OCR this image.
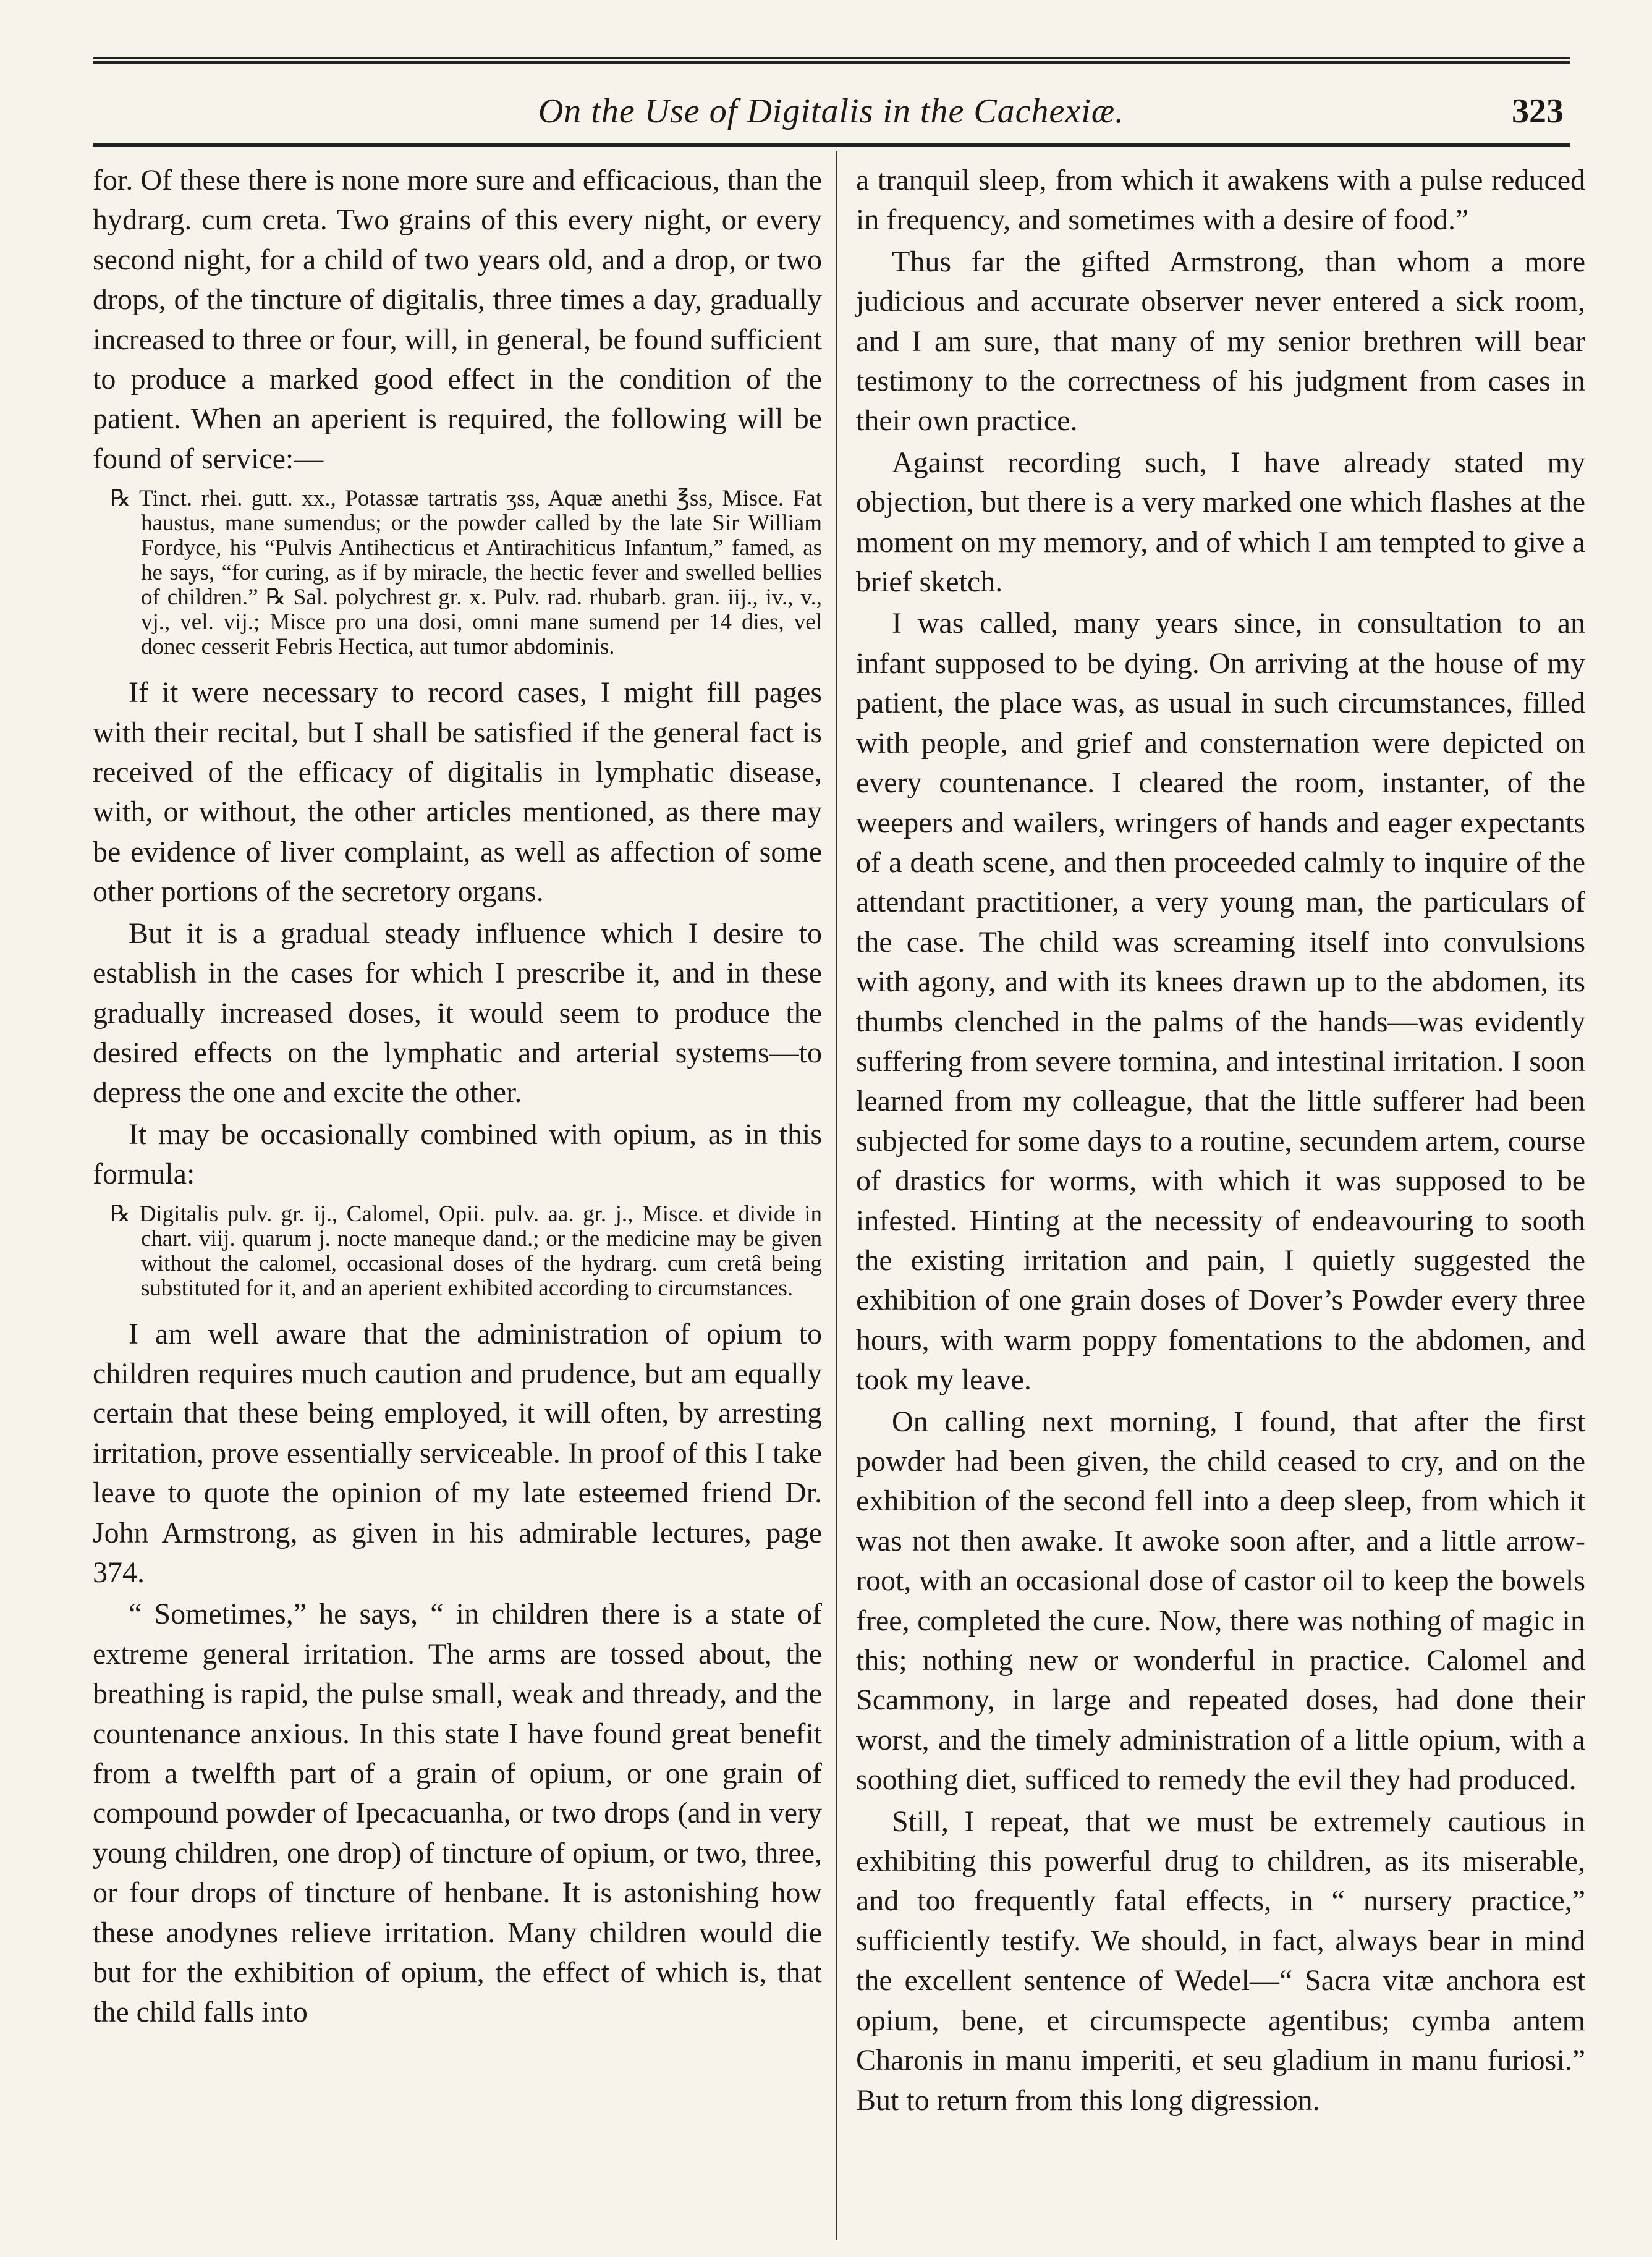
On the Use of Digitalis in the Cachexiæ.	323

for. Of these there is none more sure and efficacious, than the hydrarg. cum creta. Two grains of this every night, or every second night, for a child of two years old, and a drop, or two drops, of the tincture of digitalis, three times a day, gradually increased to three or four, will, in general, be found sufficient to produce a marked good effect in the condition of the patient. When an aperient is required, the following will be found of service:—

℞ Tinct. rhei. gutt. xx., Potassæ tartratis ʒss, Aquæ anethi ℥ss, Misce. Fat haustus, mane sumendus; or the powder called by the late Sir William Fordyce, his “Pulvis Antihecticus et Antirachiticus Infantum,” famed, as he says, “for curing, as if by miracle, the hectic fever and swelled bellies of children.” ℞ Sal. polychrest gr. x. Pulv. rad. rhubarb. gran. iij., iv., v., vj., vel. vij.; Misce pro una dosi, omni mane sumend per 14 dies, vel donec cesserit Febris Hectica, aut tumor abdominis.

If it were necessary to record cases, I might fill pages with their recital, but I shall be satisfied if the general fact is received of the efficacy of digitalis in lymphatic disease, with, or without, the other articles mentioned, as there may be evidence of liver complaint, as well as affection of some other portions of the secretory organs.

But it is a gradual steady influence which I desire to establish in the cases for which I prescribe it, and in these gradually increased doses, it would seem to produce the desired effects on the lymphatic and arterial systems—to depress the one and excite the other.

It may be occasionally combined with opium, as in this formula:

℞ Digitalis pulv. gr. ij., Calomel, Opii. pulv. aa. gr. j., Misce. et divide in chart. viij. quarum j. nocte maneque dand.; or the medicine may be given without the calomel, occasional doses of the hydrarg. cum cretâ being substituted for it, and an aperient exhibited according to circumstances.

I am well aware that the administration of opium to children requires much caution and prudence, but am equally certain that these being employed, it will often, by arresting irritation, prove essentially serviceable. In proof of this I take leave to quote the opinion of my late esteemed friend Dr. John Armstrong, as given in his admirable lectures, page 374.

“ Sometimes,” he says, “ in children there is a state of extreme general irritation. The arms are tossed about, the breathing is rapid, the pulse small, weak and thready, and the countenance anxious. In this state I have found great benefit from a twelfth part of a grain of opium, or one grain of compound powder of Ipecacuanha, or two drops (and in very young children, one drop) of tincture of opium, or two, three, or four drops of tincture of henbane. It is astonishing how these anodynes relieve irritation. Many children would die but for the exhibition of opium, the effect of which is, that the child falls into

a tranquil sleep, from which it awakens with a pulse reduced in frequency, and sometimes with a desire of food.”

Thus far the gifted Armstrong, than whom a more judicious and accurate observer never entered a sick room, and I am sure, that many of my senior brethren will bear testimony to the correctness of his judgment from cases in their own practice.

Against recording such, I have already stated my objection, but there is a very marked one which flashes at the moment on my memory, and of which I am tempted to give a brief sketch.

I was called, many years since, in consultation to an infant supposed to be dying. On arriving at the house of my patient, the place was, as usual in such circumstances, filled with people, and grief and consternation were depicted on every countenance. I cleared the room, instanter, of the weepers and wailers, wringers of hands and eager expectants of a death scene, and then proceeded calmly to inquire of the attendant practitioner, a very young man, the particulars of the case. The child was screaming itself into convulsions with agony, and with its knees drawn up to the abdomen, its thumbs clenched in the palms of the hands—was evidently suffering from severe tormina, and intestinal irritation. I soon learned from my colleague, that the little sufferer had been subjected for some days to a routine, secundem artem, course of drastics for worms, with which it was supposed to be infested. Hinting at the necessity of endeavouring to sooth the existing irritation and pain, I quietly suggested the exhibition of one grain doses of Dover’s Powder every three hours, with warm poppy fomentations to the abdomen, and took my leave.

On calling next morning, I found, that after the first powder had been given, the child ceased to cry, and on the exhibition of the second fell into a deep sleep, from which it was not then awake. It awoke soon after, and a little arrow-root, with an occasional dose of castor oil to keep the bowels free, completed the cure. Now, there was nothing of magic in this; nothing new or wonderful in practice. Calomel and Scammony, in large and repeated doses, had done their worst, and the timely administration of a little opium, with a soothing diet, sufficed to remedy the evil they had produced.

Still, I repeat, that we must be extremely cautious in exhibiting this powerful drug to children, as its miserable, and too frequently fatal effects, in “ nursery practice,” sufficiently testify. We should, in fact, always bear in mind the excellent sentence of Wedel—“ Sacra vitæ anchora est opium, bene, et circumspecte agentibus; cymba antem Charonis in manu imperiti, et seu gladium in manu furiosi.” But to return from this long digression.
